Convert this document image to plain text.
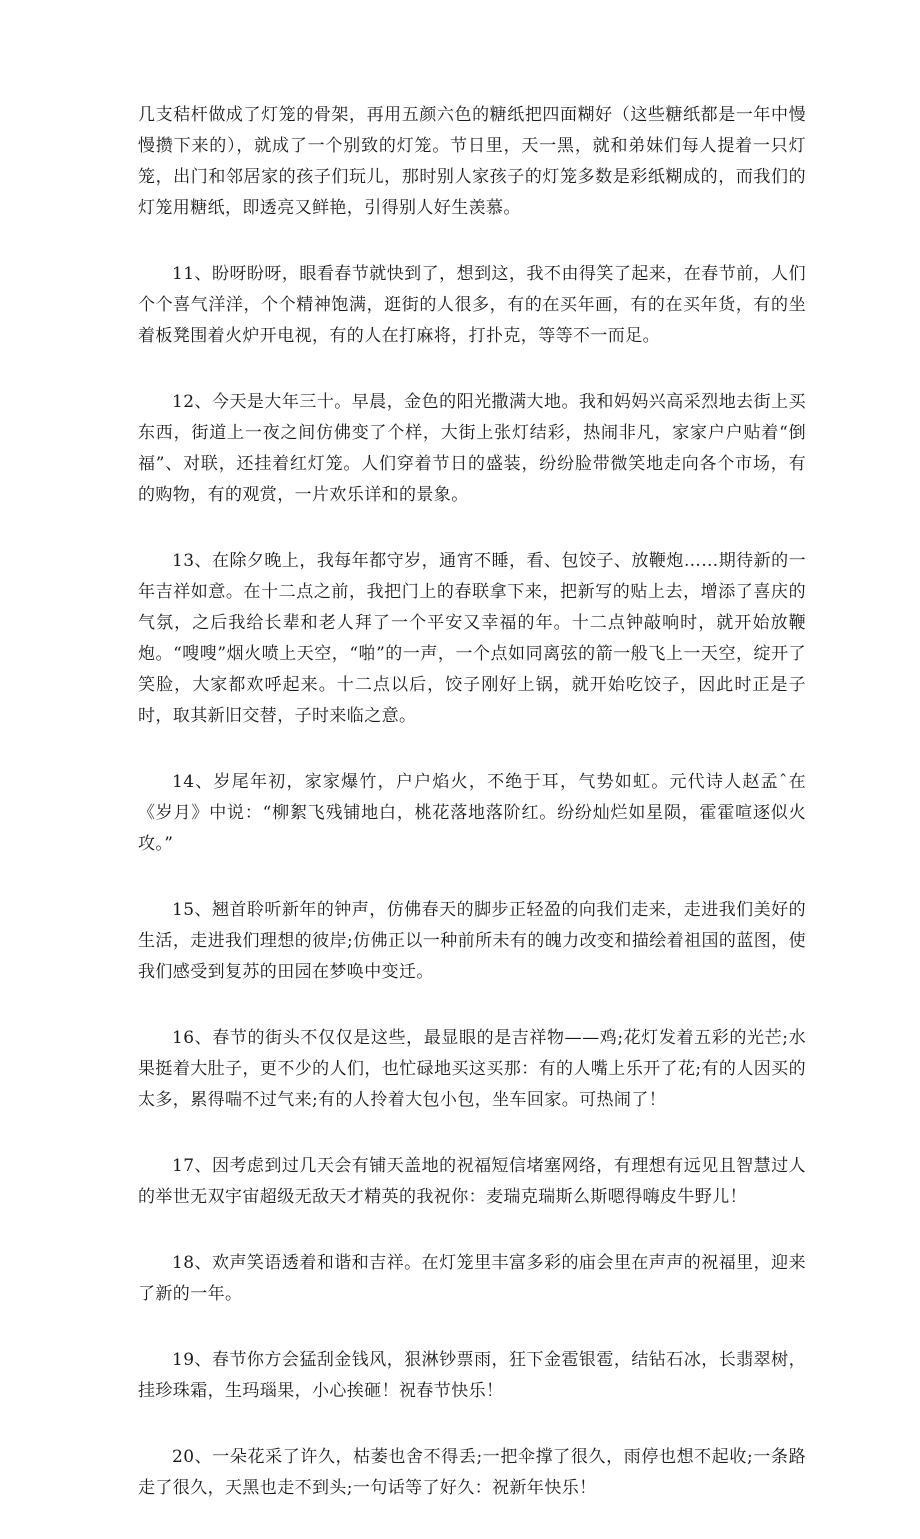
几支秸杆做成了灯笼的骨架，再用五颜六色的糖纸把四面糊好（这些糖纸都是一年中慢慢攒下来的），就成了一个别致的灯笼。节日里，天一黑，就和弟妹们每人提着一只灯笼，出门和邻居家的孩子们玩儿，那时别人家孩子的灯笼多数是彩纸糊成的，而我们的灯笼用糖纸，即透亮又鲜艳，引得别人好生羡慕。

11、盼呀盼呀，眼看春节就快到了，想到这，我不由得笑了起来，在春节前，人们个个喜气洋洋，个个精神饱满，逛街的人很多，有的在买年画，有的在买年货，有的坐着板凳围着火炉开电视，有的人在打麻将，打扑克，等等不一而足。

12、今天是大年三十。早晨，金色的阳光撒满大地。我和妈妈兴高采烈地去街上买东西，街道上一夜之间仿佛变了个样，大街上张灯结彩，热闹非凡，家家户户贴着“倒福”、对联，还挂着红灯笼。人们穿着节日的盛装，纷纷脸带微笑地走向各个市场，有的购物，有的观赏，一片欢乐详和的景象。

13、在除夕晚上，我每年都守岁，通宵不睡，看、包饺子、放鞭炮……期待新的一年吉祥如意。在十二点之前，我把门上的春联拿下来，把新写的贴上去，增添了喜庆的气氛，之后我给长辈和老人拜了一个平安又幸福的年。十二点钟敲响时，就开始放鞭炮。“嗖嗖”烟火喷上天空，“啪”的一声，一个点如同离弦的箭一般飞上一天空，绽开了笑脸，大家都欢呼起来。十二点以后，饺子刚好上锅，就开始吃饺子，因此时正是子时，取其新旧交替，子时来临之意。

14、岁尾年初，家家爆竹，户户焰火，不绝于耳，气势如虹。元代诗人赵孟ˆ在《岁月》中说：“柳絮飞残铺地白，桃花落地落阶红。纷纷灿烂如星陨，霍霍喧逐似火攻。”

15、翘首聆听新年的钟声，仿佛春天的脚步正轻盈的向我们走来，走进我们美好的生活，走进我们理想的彼岸;仿佛正以一种前所未有的魄力改变和描绘着祖国的蓝图，使我们感受到复苏的田园在梦唤中变迁。

16、春节的街头不仅仅是这些，最显眼的是吉祥物——鸡;花灯发着五彩的光芒;水果挺着大肚子，更不少的人们，也忙碌地买这买那：有的人嘴上乐开了花;有的人因买的太多，累得喘不过气来;有的人拎着大包小包，坐车回家。可热闹了！

17、因考虑到过几天会有铺天盖地的祝福短信堵塞网络，有理想有远见且智慧过人的举世无双宇宙超级无敌天才精英的我祝你：麦瑞克瑞斯么斯嗯得嗨皮牛野儿！

18、欢声笑语透着和谐和吉祥。在灯笼里丰富多彩的庙会里在声声的祝福里，迎来了新的一年。

19、春节你方会猛刮金钱风，狠淋钞票雨，狂下金雹银雹，结钻石冰，长翡翠树，挂珍珠霜，生玛瑙果，小心挨砸！祝春节快乐！

20、一朵花采了许久，枯萎也舍不得丢;一把伞撑了很久，雨停也想不起收;一条路走了很久，天黑也走不到头;一句话等了好久：祝新年快乐！
